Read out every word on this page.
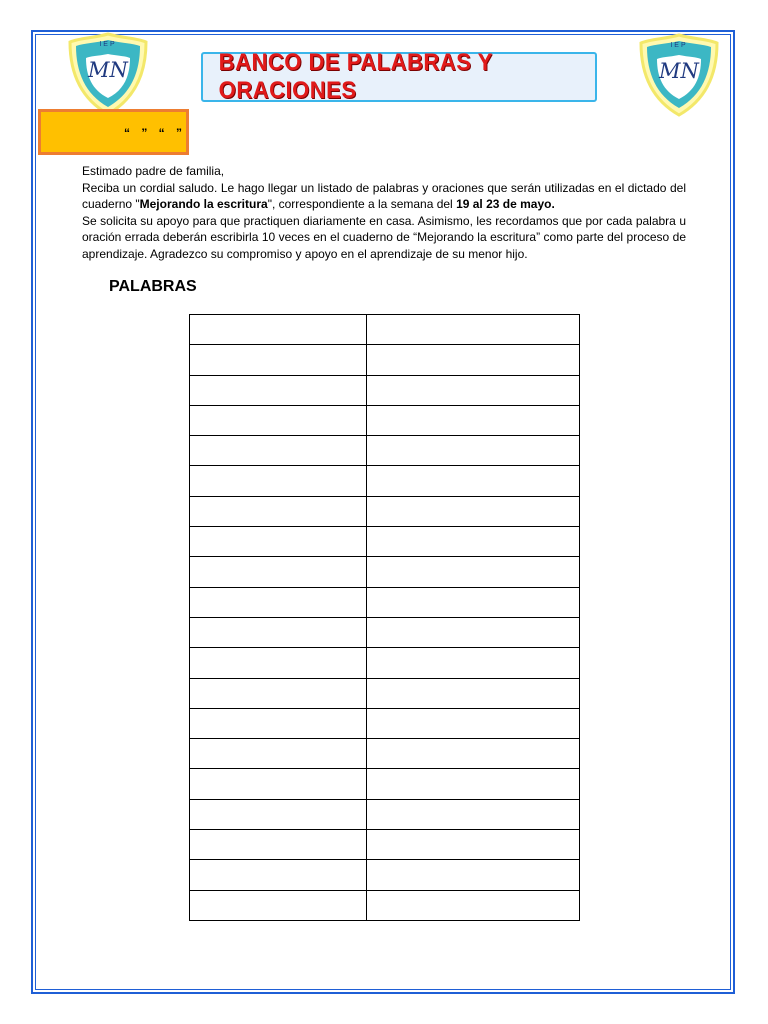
IEP
MN
IEP
MN
BANCO DE PALABRAS Y ORACIONES
“ ” “ ”

Estimado padre de familia,

Reciba un cordial saludo. Le hago llegar un listado de palabras y oraciones que serán utilizadas en el dictado del cuaderno "Mejorando la escritura", correspondiente a la semana del 19 al 23 de mayo.

Se solicita su apoyo para que practiquen diariamente en casa. Asimismo, les recordamos que por cada palabra u oración errada deberán escribirla 10 veces en el cuaderno de “Mejorando la escritura” como parte del proceso de aprendizaje. Agradezco su compromiso y apoyo en el aprendizaje de su menor hijo.

PALABRAS
